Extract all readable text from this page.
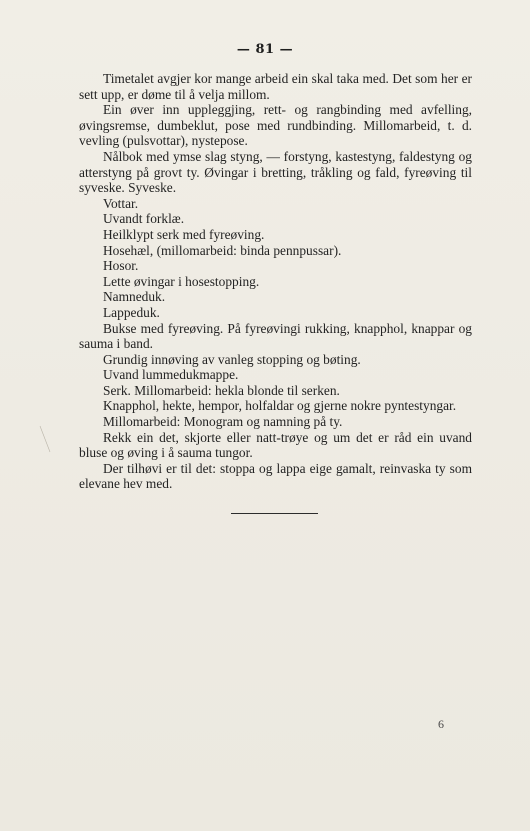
— 81 —

Timetalet avgjer kor mange arbeid ein skal taka med. Det som her er sett upp, er døme til å velja millom.

Ein øver inn uppleggjing, rett- og rangbinding med avfelling, øvingsremse, dumbeklut, pose med rundbinding. Millomarbeid, t. d. vevling (pulsvottar), nystepose.

Nålbok med ymse slag styng, — forstyng, kastestyng, faldestyng og atterstyng på grovt ty. Øvingar i bretting, tråkling og fald, fyreøving til syveske. Syveske.

Vottar.

Uvandt forklæ.

Heilklypt serk med fyreøving.

Hosehæl, (millomarbeid: binda pennpussar).

Hosor.

Lette øvingar i hosestopping.

Namneduk.

Lappeduk.

Bukse med fyreøving. På fyreøvingi rukking, knapphol, knappar og sauma i band.

Grundig innøving av vanleg stopping og bøting.

Uvand lummedukmappe.

Serk. Millomarbeid: hekla blonde til serken.

Knapphol, hekte, hempor, holfaldar og gjerne nokre pyntestyngar.

Millomarbeid: Monogram og namning på ty.

Rekk ein det, skjorte eller natt-trøye og um det er råd ein uvand bluse og øving i å sauma tungor.

Der tilhøvi er til det: stoppa og lappa eige gamalt, reinvaska ty som elevane hev med.

6
